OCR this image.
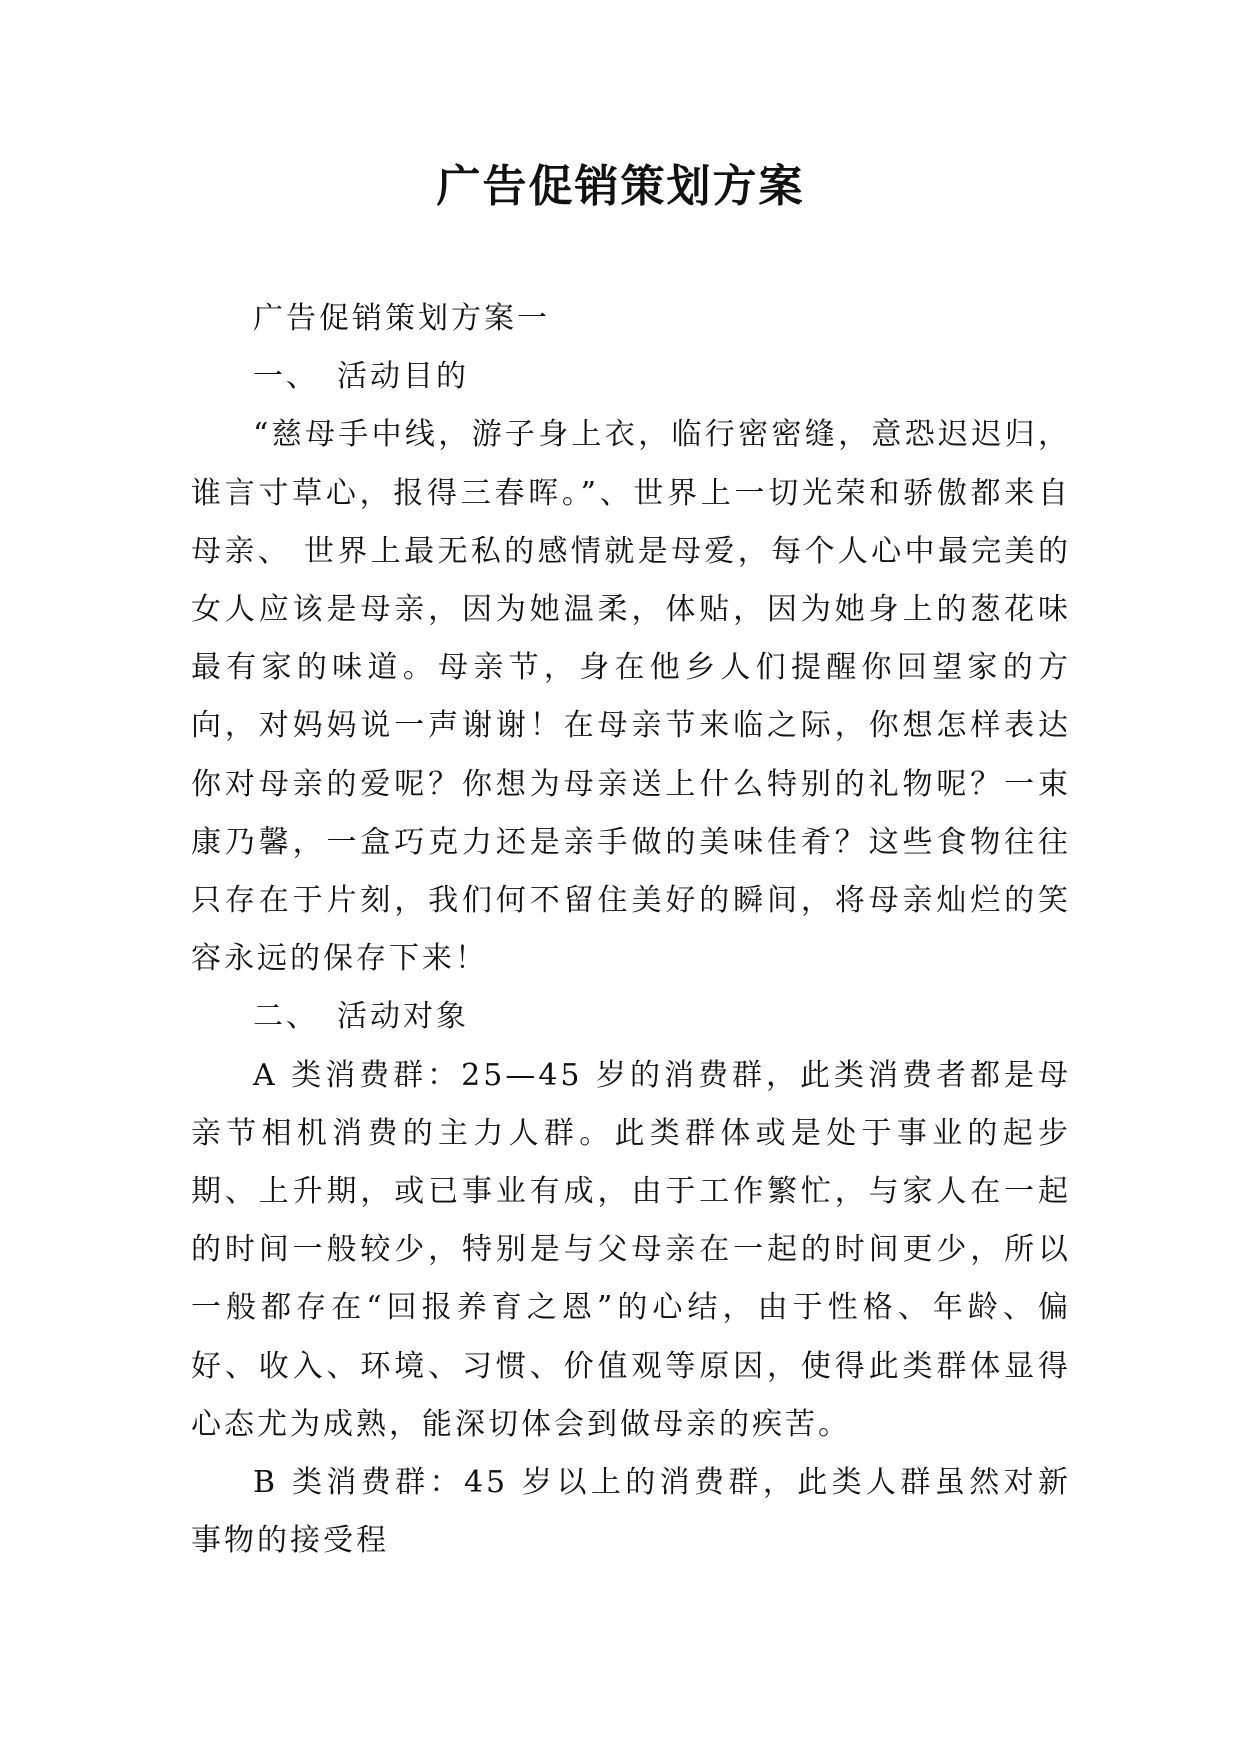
广告促销策划方案

广告促销策划方案一

一、　活动目的

“慈母手中线，游子身上衣，临行密密缝，意恐迟迟归，谁言寸草心，报得三春晖。”、世界上一切光荣和骄傲都来自母亲、 世界上最无私的感情就是母爱，每个人心中最完美的女人应该是母亲，因为她温柔，体贴，因为她身上的葱花味最有家的味道。母亲节，身在他乡人们提醒你回望家的方向，对妈妈说一声谢谢！在母亲节来临之际，你想怎样表达你对母亲的爱呢？你想为母亲送上什么特别的礼物呢？一束康乃馨，一盒巧克力还是亲手做的美味佳肴？这些食物往往只存在于片刻，我们何不留住美好的瞬间，将母亲灿烂的笑容永远的保存下来！

二、　活动对象

A 类消费群：25—45 岁的消费群，此类消费者都是母亲节相机消费的主力人群。此类群体或是处于事业的起步期、上升期，或已事业有成，由于工作繁忙，与家人在一起的时间一般较少，特别是与父母亲在一起的时间更少，所以一般都存在“回报养育之恩”的心结，由于性格、年龄、偏好、收入、环境、习惯、价值观等原因，使得此类群体显得心态尤为成熟，能深切体会到做母亲的疾苦。

B 类消费群：45 岁以上的消费群，此类人群虽然对新事物的接受程
